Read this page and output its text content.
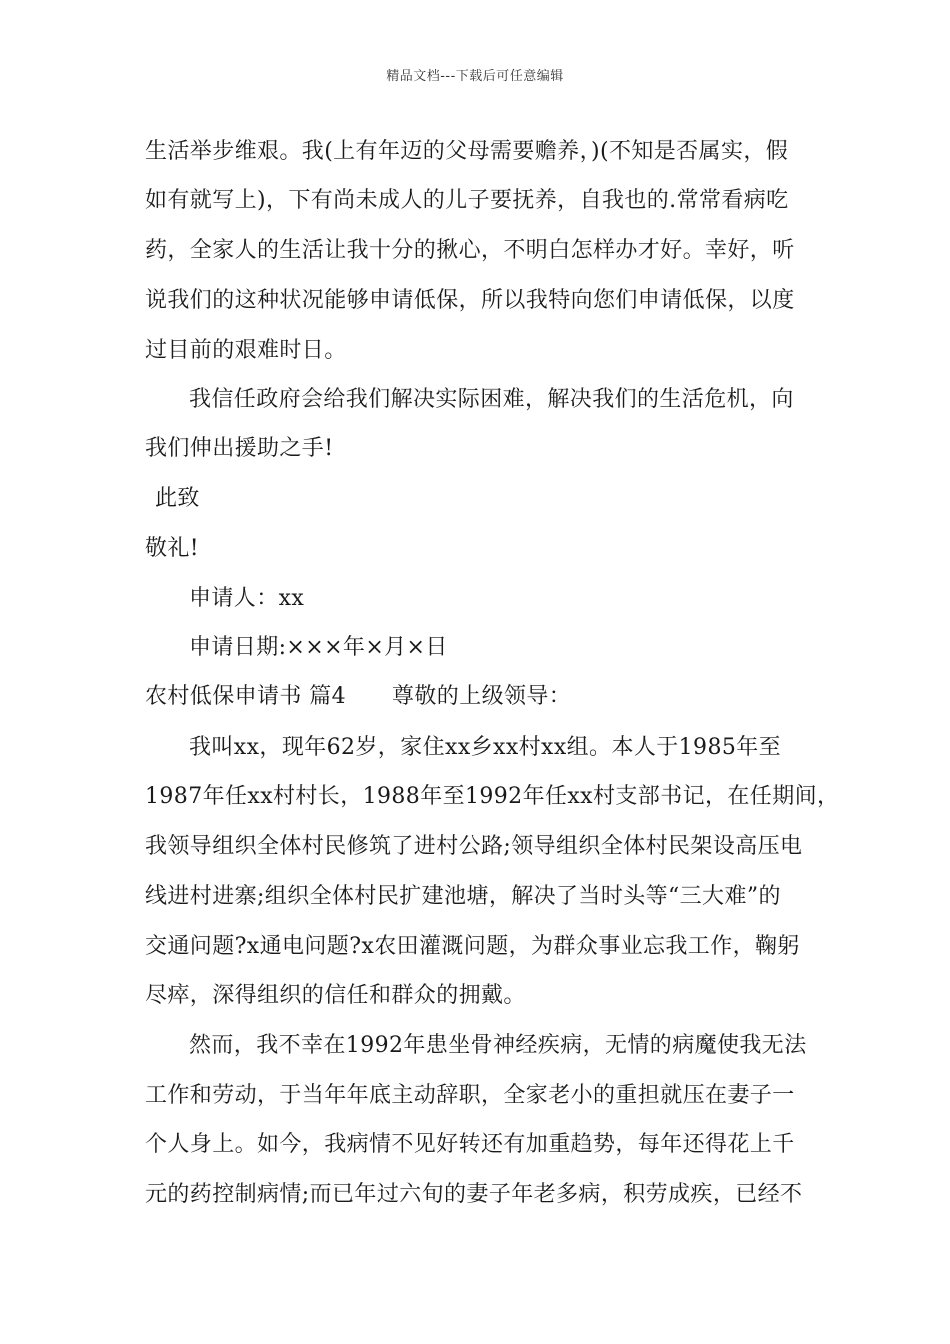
精品文档---下载后可任意编辑
生活举步维艰。我(上有年迈的父母需要赡养，)(不知是否属实，假
如有就写上)，下有尚未成人的儿子要抚养，自我也的.常常看病吃
药，全家人的生活让我十分的揪心，不明白怎样办才好。幸好，听
说我们的这种状况能够申请低保，所以我特向您们申请低保，以度
过目前的艰难时日。
我信任政府会给我们解决实际困难，解决我们的生活危机，向
我们伸出援助之手!
此致
敬礼!
申请人：xx
申请日期:×××年×月×日
农村低保申请书 篇4 尊敬的上级领导：
我叫xx，现年62岁，家住xx乡xx村xx组。本人于1985年至
1987年任xx村村长，1988年至1992年任xx村支部书记，在任期间，
我领导组织全体村民修筑了进村公路;领导组织全体村民架设高压电
线进村进寨;组织全体村民扩建池塘，解决了当时头等“三大难”的
交通问题?x通电问题?x农田灌溉问题，为群众事业忘我工作，鞠躬
尽瘁，深得组织的信任和群众的拥戴。
然而，我不幸在1992年患坐骨神经疾病，无情的病魔使我无法
工作和劳动，于当年年底主动辞职，全家老小的重担就压在妻子一
个人身上。如今，我病情不见好转还有加重趋势，每年还得花上千
元的药控制病情;而已年过六旬的妻子年老多病，积劳成疾，已经不
